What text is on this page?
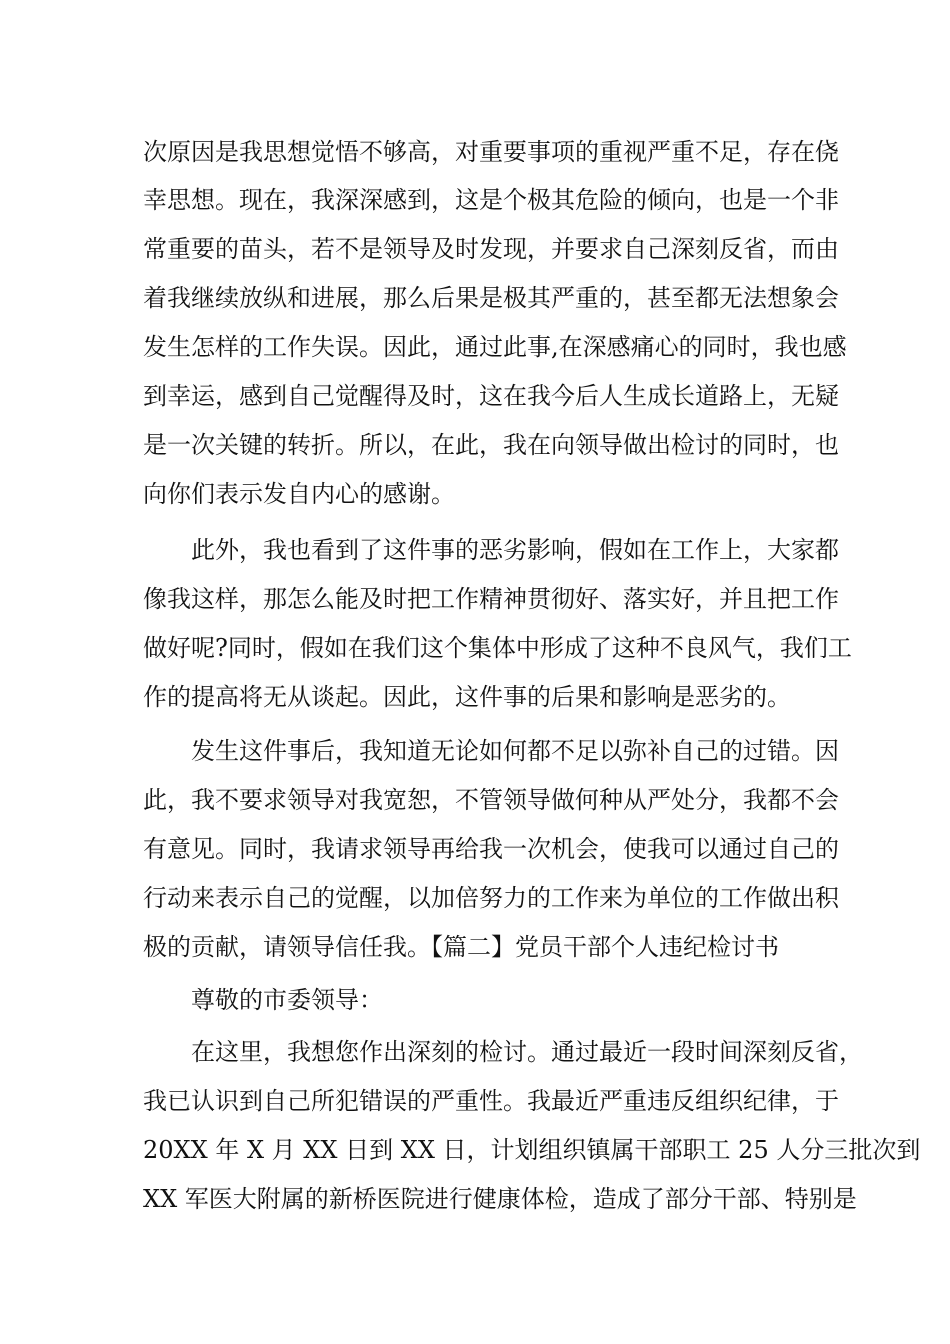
次原因是我思想觉悟不够高，对重要事项的重视严重不足，存在侥
幸思想。现在，我深深感到，这是个极其危险的倾向，也是一个非
常重要的苗头，若不是领导及时发现，并要求自己深刻反省，而由
着我继续放纵和进展，那么后果是极其严重的，甚至都无法想象会
发生怎样的工作失误。因此，通过此事,在深感痛心的同时，我也感
到幸运，感到自己觉醒得及时，这在我今后人生成长道路上，无疑
是一次关键的转折。所以，在此，我在向领导做出检讨的同时，也
向你们表示发自内心的感谢。
此外，我也看到了这件事的恶劣影响，假如在工作上，大家都
像我这样，那怎么能及时把工作精神贯彻好、落实好，并且把工作
做好呢?同时，假如在我们这个集体中形成了这种不良风气，我们工
作的提高将无从谈起。因此，这件事的后果和影响是恶劣的。
发生这件事后，我知道无论如何都不足以弥补自己的过错。因
此，我不要求领导对我宽恕，不管领导做何种从严处分，我都不会
有意见。同时，我请求领导再给我一次机会，使我可以通过自己的
行动来表示自己的觉醒，以加倍努力的工作来为单位的工作做出积
极的贡献，请领导信任我。【篇二】党员干部个人违纪检讨书
尊敬的市委领导：
在这里，我想您作出深刻的检讨。通过最近一段时间深刻反省，
我已认识到自己所犯错误的严重性。我最近严重违反组织纪律，于
20XX 年 X 月 XX 日到 XX 日，计划组织镇属干部职工 25 人分三批次到
XX 军医大附属的新桥医院进行健康体检，造成了部分干部、特别是
